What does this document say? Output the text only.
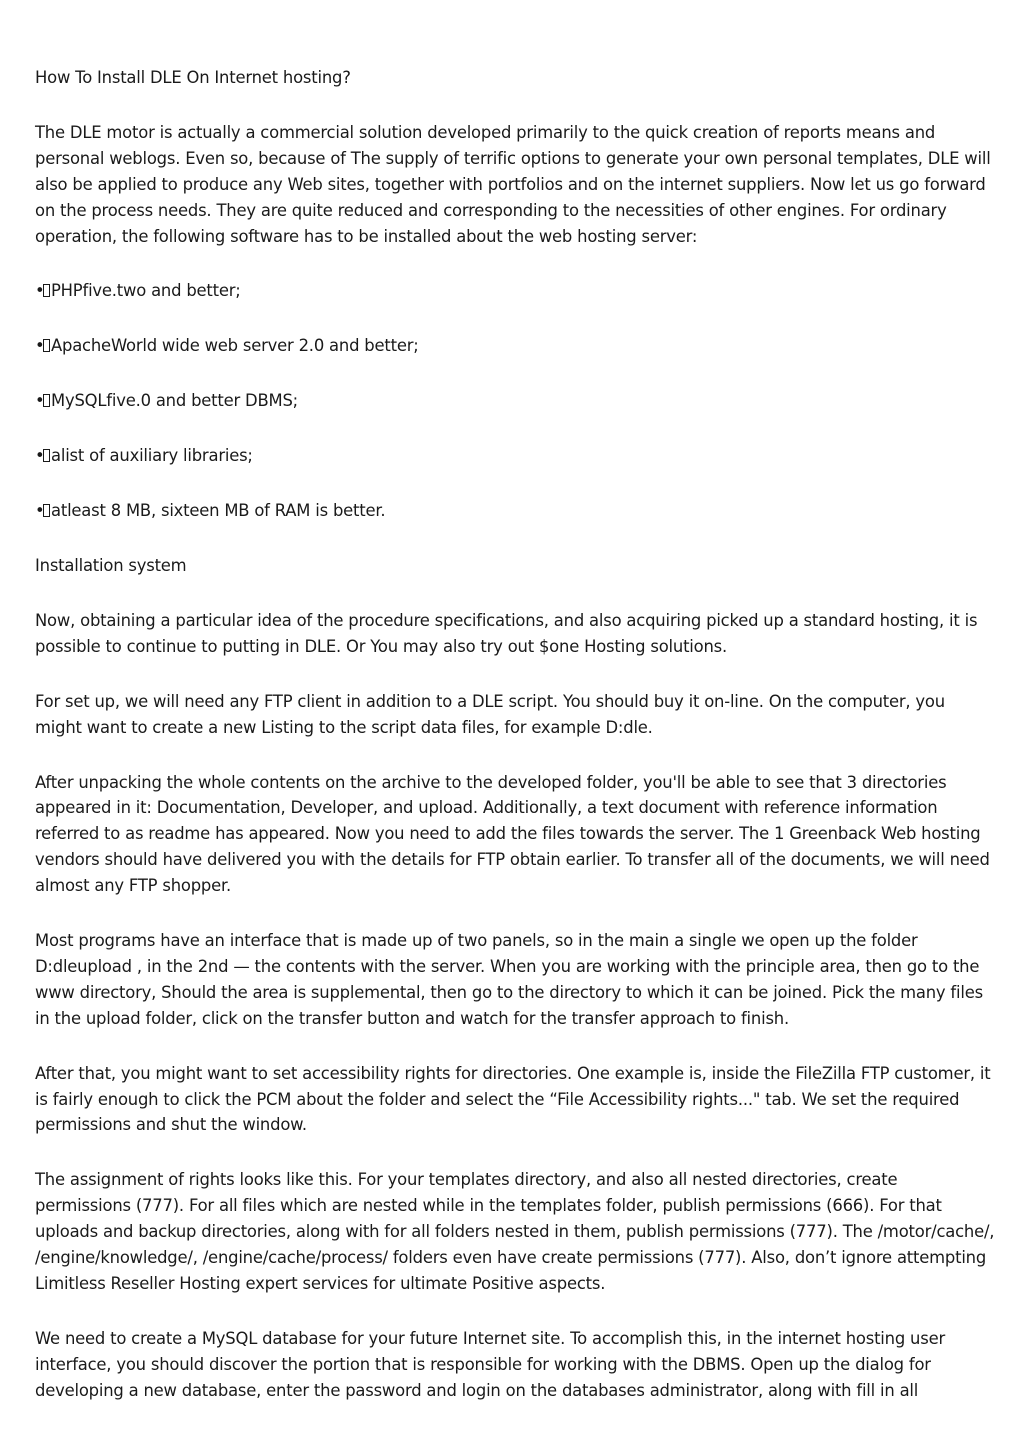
How To Install DLE On Internet hosting?

The DLE motor is actually a commercial solution developed primarily to the quick creation of reports means and personal weblogs. Even so, because of The supply of terrific options to generate your own personal templates, DLE will also be applied to produce any Web sites, together with portfolios and on the internet suppliers. Now let us go forward on the process needs. They are quite reduced and corresponding to the necessities of other engines. For ordinary operation, the following software has to be installed about the web hosting server:

• PHPfive.two and better;
• ApacheWorld wide web server 2.0 and better;
• MySQLfive.0 and better DBMS;
• alist of auxiliary libraries;
• atleast 8 MB, sixteen MB of RAM is better.

Installation system

Now, obtaining a particular idea of the procedure specifications, and also acquiring picked up a standard hosting, it is possible to continue to putting in DLE. Or You may also try out $one Hosting solutions.

For set up, we will need any FTP client in addition to a DLE script. You should buy it on-line. On the computer, you might want to create a new Listing to the script data files, for example D:dle.

After unpacking the whole contents on the archive to the developed folder, you'll be able to see that 3 directories appeared in it: Documentation, Developer, and upload. Additionally, a text document with reference information referred to as readme has appeared. Now you need to add the files towards the server. The 1 Greenback Web hosting vendors should have delivered you with the details for FTP obtain earlier. To transfer all of the documents, we will need almost any FTP shopper.

Most programs have an interface that is made up of two panels, so in the main a single we open up the folder D:dleupload , in the 2nd — the contents with the server. When you are working with the principle area, then go to the www directory, Should the area is supplemental, then go to the directory to which it can be joined. Pick the many files in the upload folder, click on the transfer button and watch for the transfer approach to finish.

After that, you might want to set accessibility rights for directories. One example is, inside the FileZilla FTP customer, it is fairly enough to click the PCM about the folder and select the “File Accessibility rights..." tab. We set the required permissions and shut the window.

The assignment of rights looks like this. For your templates directory, and also all nested directories, create permissions (777). For all files which are nested while in the templates folder, publish permissions (666). For that uploads and backup directories, along with for all folders nested in them, publish permissions (777). The /motor/cache/, /engine/knowledge/, /engine/cache/process/ folders even have create permissions (777). Also, don’t ignore attempting Limitless Reseller Hosting expert services for ultimate Positive aspects.

We need to create a MySQL database for your future Internet site. To accomplish this, in the internet hosting user interface, you should discover the portion that is responsible for working with the DBMS. Open up the dialog for developing a new database, enter the password and login on the databases administrator, along with fill in all
